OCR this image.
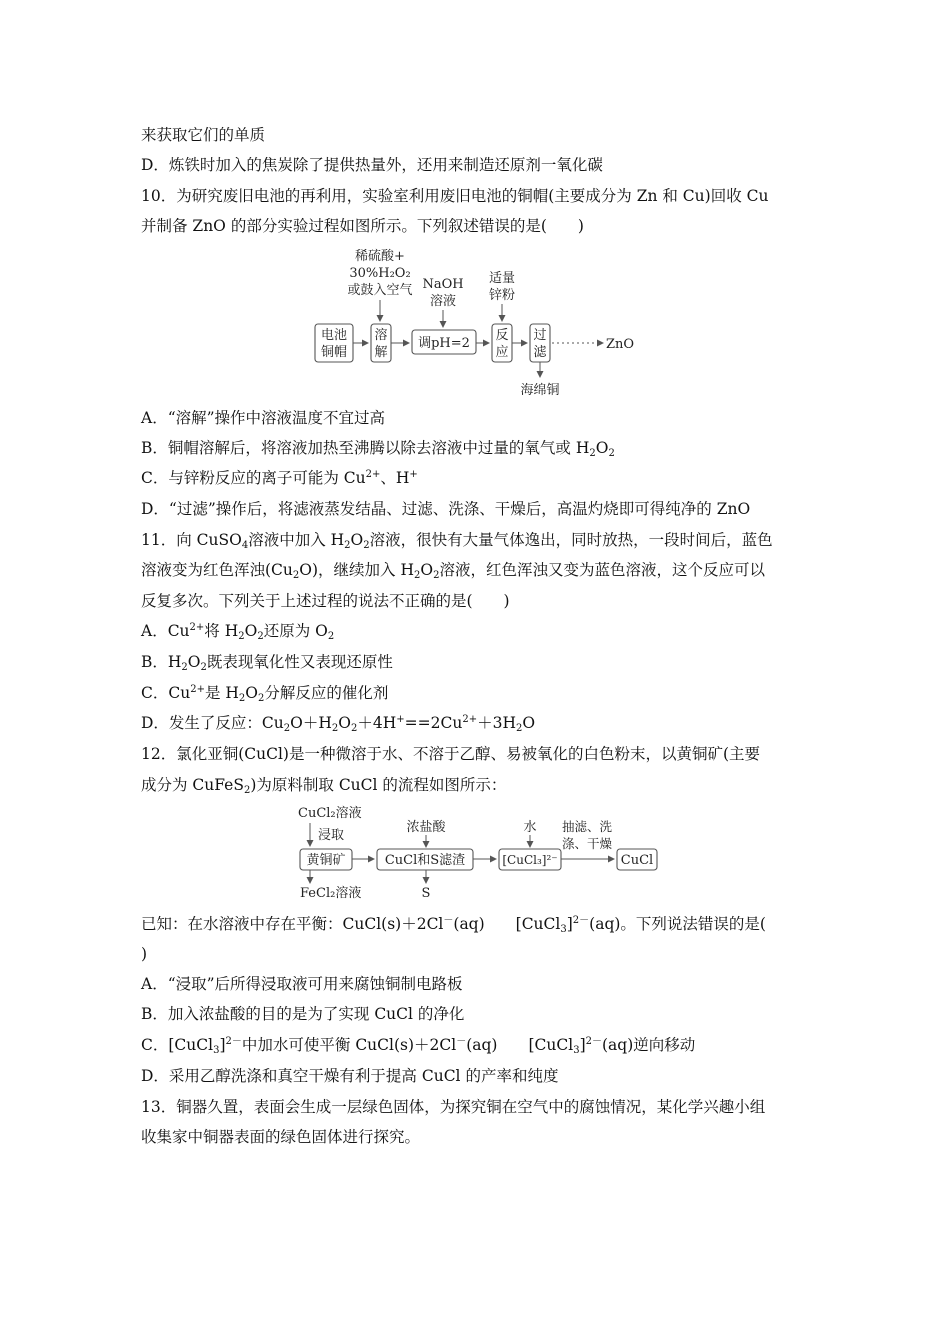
来获取它们的单质
D．炼铁时加入的焦炭除了提供热量外，还用来制造还原剂一氧化碳
10．为研究废旧电池的再利用，实验室利用废旧电池的铜帽(主要成分为 Zn 和 Cu)回收 Cu
并制备 ZnO 的部分实验过程如图所示。下列叙述错误的是(　　)
稀硫酸+
30%H₂O₂
或鼓入空气 NaOH
溶液
适量
锌粉
电池
铜帽
溶
解
调pH=2
反
应
过
滤
ZnO
海绵铜
A．“溶解”操作中溶液温度不宜过高
B．铜帽溶解后，将溶液加热至沸腾以除去溶液中过量的氧气或 $H_2O_2$
C．与锌粉反应的离子可能为 $Cu^{2+}$、H+
D．“过滤”操作后，将滤液蒸发结晶、过滤、洗涤、干燥后，高温灼烧即可得纯净的 ZnO
11．向 CuSO$_4$溶液中加入 $H_2O_2$溶液，很快有大量气体逸出，同时放热，一段时间后，蓝色
溶液变为红色浑浊$(Cu_2O)$，继续加入 $H_2O_2$溶液，红色浑浊又变为蓝色溶液，这个反应可以
反复多次。下列关于上述过程的说法不正确的是(　　)
A．$Cu^{2+}$将 $H_2O_2$还原为 $O_2$
B．$H_2O_2$既表现氧化性又表现还原性
C．$Cu^{2+}$是 $H_2O_2$分解反应的催化剂
D．发生了反应：$Cu_2O+H_2O_2+4H^+==2Cu^{2+}+3H_2O$
12．氯化亚铜(CuCl)是一种微溶于水、不溶于乙醇、易被氧化的白色粉末，以黄铜矿(主要
成分为 CuFeS$_2$)为原料制取 CuCl 的流程如图所示：
CuCl₂溶液
浸取
黄铜矿
FeCl₂溶液
浓盐酸
CuCl和S滤渣
S
水
[CuCl₃]²⁻
抽滤、洗
涤、干燥
CuCl
已知：在水溶液中存在平衡：CuCl(s)＋2Cl－(aq)　　[CuCl$_3$]$^{2-}$(aq)。下列说法错误的是(
)
A．“浸取”后所得浸取液可用来腐蚀铜制电路板
B．加入浓盐酸的目的是为了实现 CuCl 的净化
C．[CuCl$_3$]$^{2-}$中加水可使平衡 CuCl(s)＋2Cl－(aq)　　[CuCl$_3$]$^{2-}$(aq)逆向移动
D．采用乙醇洗涤和真空干燥有利于提高 CuCl 的产率和纯度
13．铜器久置，表面会生成一层绿色固体，为探究铜在空气中的腐蚀情况，某化学兴趣小组
收集家中铜器表面的绿色固体进行探究。
